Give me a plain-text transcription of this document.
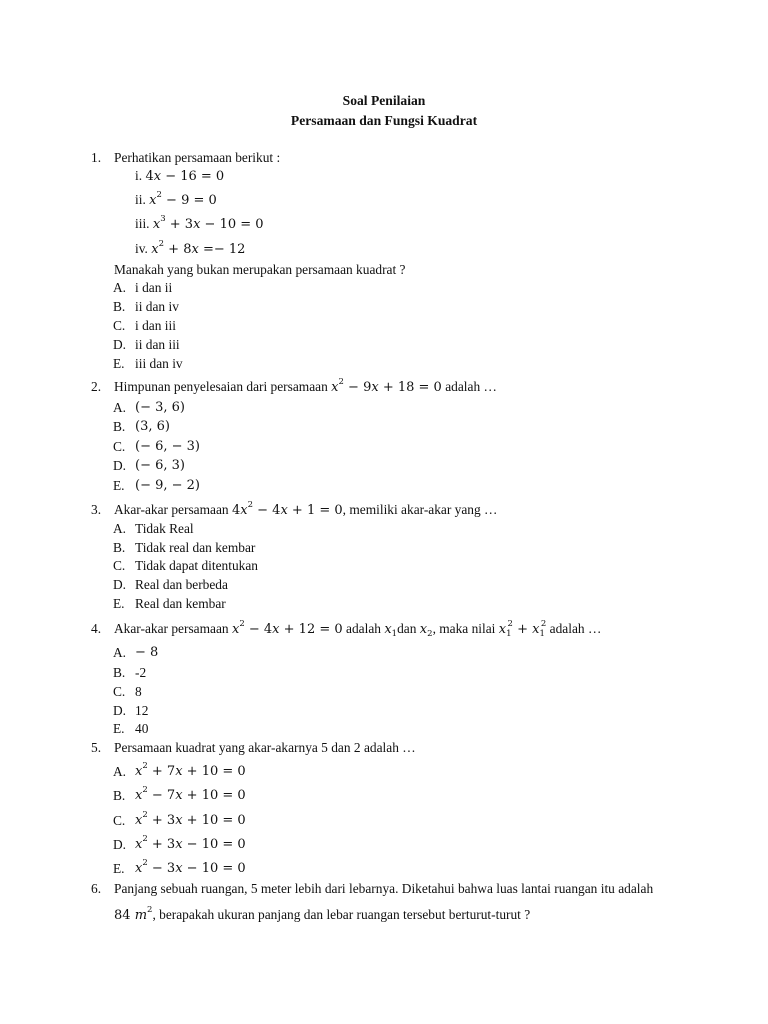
Soal Penilaian
Persamaan dan Fungsi Kuadrat
1. Perhatikan persamaan berikut :
i. 4x − 16 = 0
ii. $x^2 - 9 = 0$
iii. $x^3 + 3x - 10 = 0$
iv. $x^2 + 8x =- 12$
Manakah yang bukan merupakan persamaan kuadrat ?
A. i dan ii
B. ii dan iv
C. i dan iii
D. ii dan iii
E. iii dan iv
2. Himpunan penyelesaian dari persamaan $x^2 - 9x + 18 = 0$ adalah …
A. (− 3, 6)
B. (3, 6)
C. (− 6, − 3)
D. (− 6, 3)
E. (− 9, − 2)
3. Akar-akar persamaan $4x^2 - 4x + 1 = 0$, memiliki akar-akar yang …
A. Tidak Real
B. Tidak real dan kembar
C. Tidak dapat ditentukan
D. Real dan berbeda
E. Real dan kembar
4. Akar-akar persamaan $x^2 - 4x + 12 = 0$ adalah $x_1dan$ $x_2$, maka nilai $x_1^2 + x_1^2$ adalah …
A. − 8
B. -2
C. 8
D. 12
E. 40
5. Persamaan kuadrat yang akar-akarnya 5 dan 2 adalah …
A. $x^2 + 7x + 10 = 0$
B. $x^2 - 7x + 10 = 0$
C. $x^2 + 3x + 10 = 0$
D. $x^2 + 3x - 10 = 0$
E. $x^2 - 3x - 10 = 0$
6. Panjang sebuah ruangan, 5 meter lebih dari lebarnya. Diketahui bahwa luas lantai ruangan itu adalah
84 $m^2$, berapakah ukuran panjang dan lebar ruangan tersebut berturut-turut ?
